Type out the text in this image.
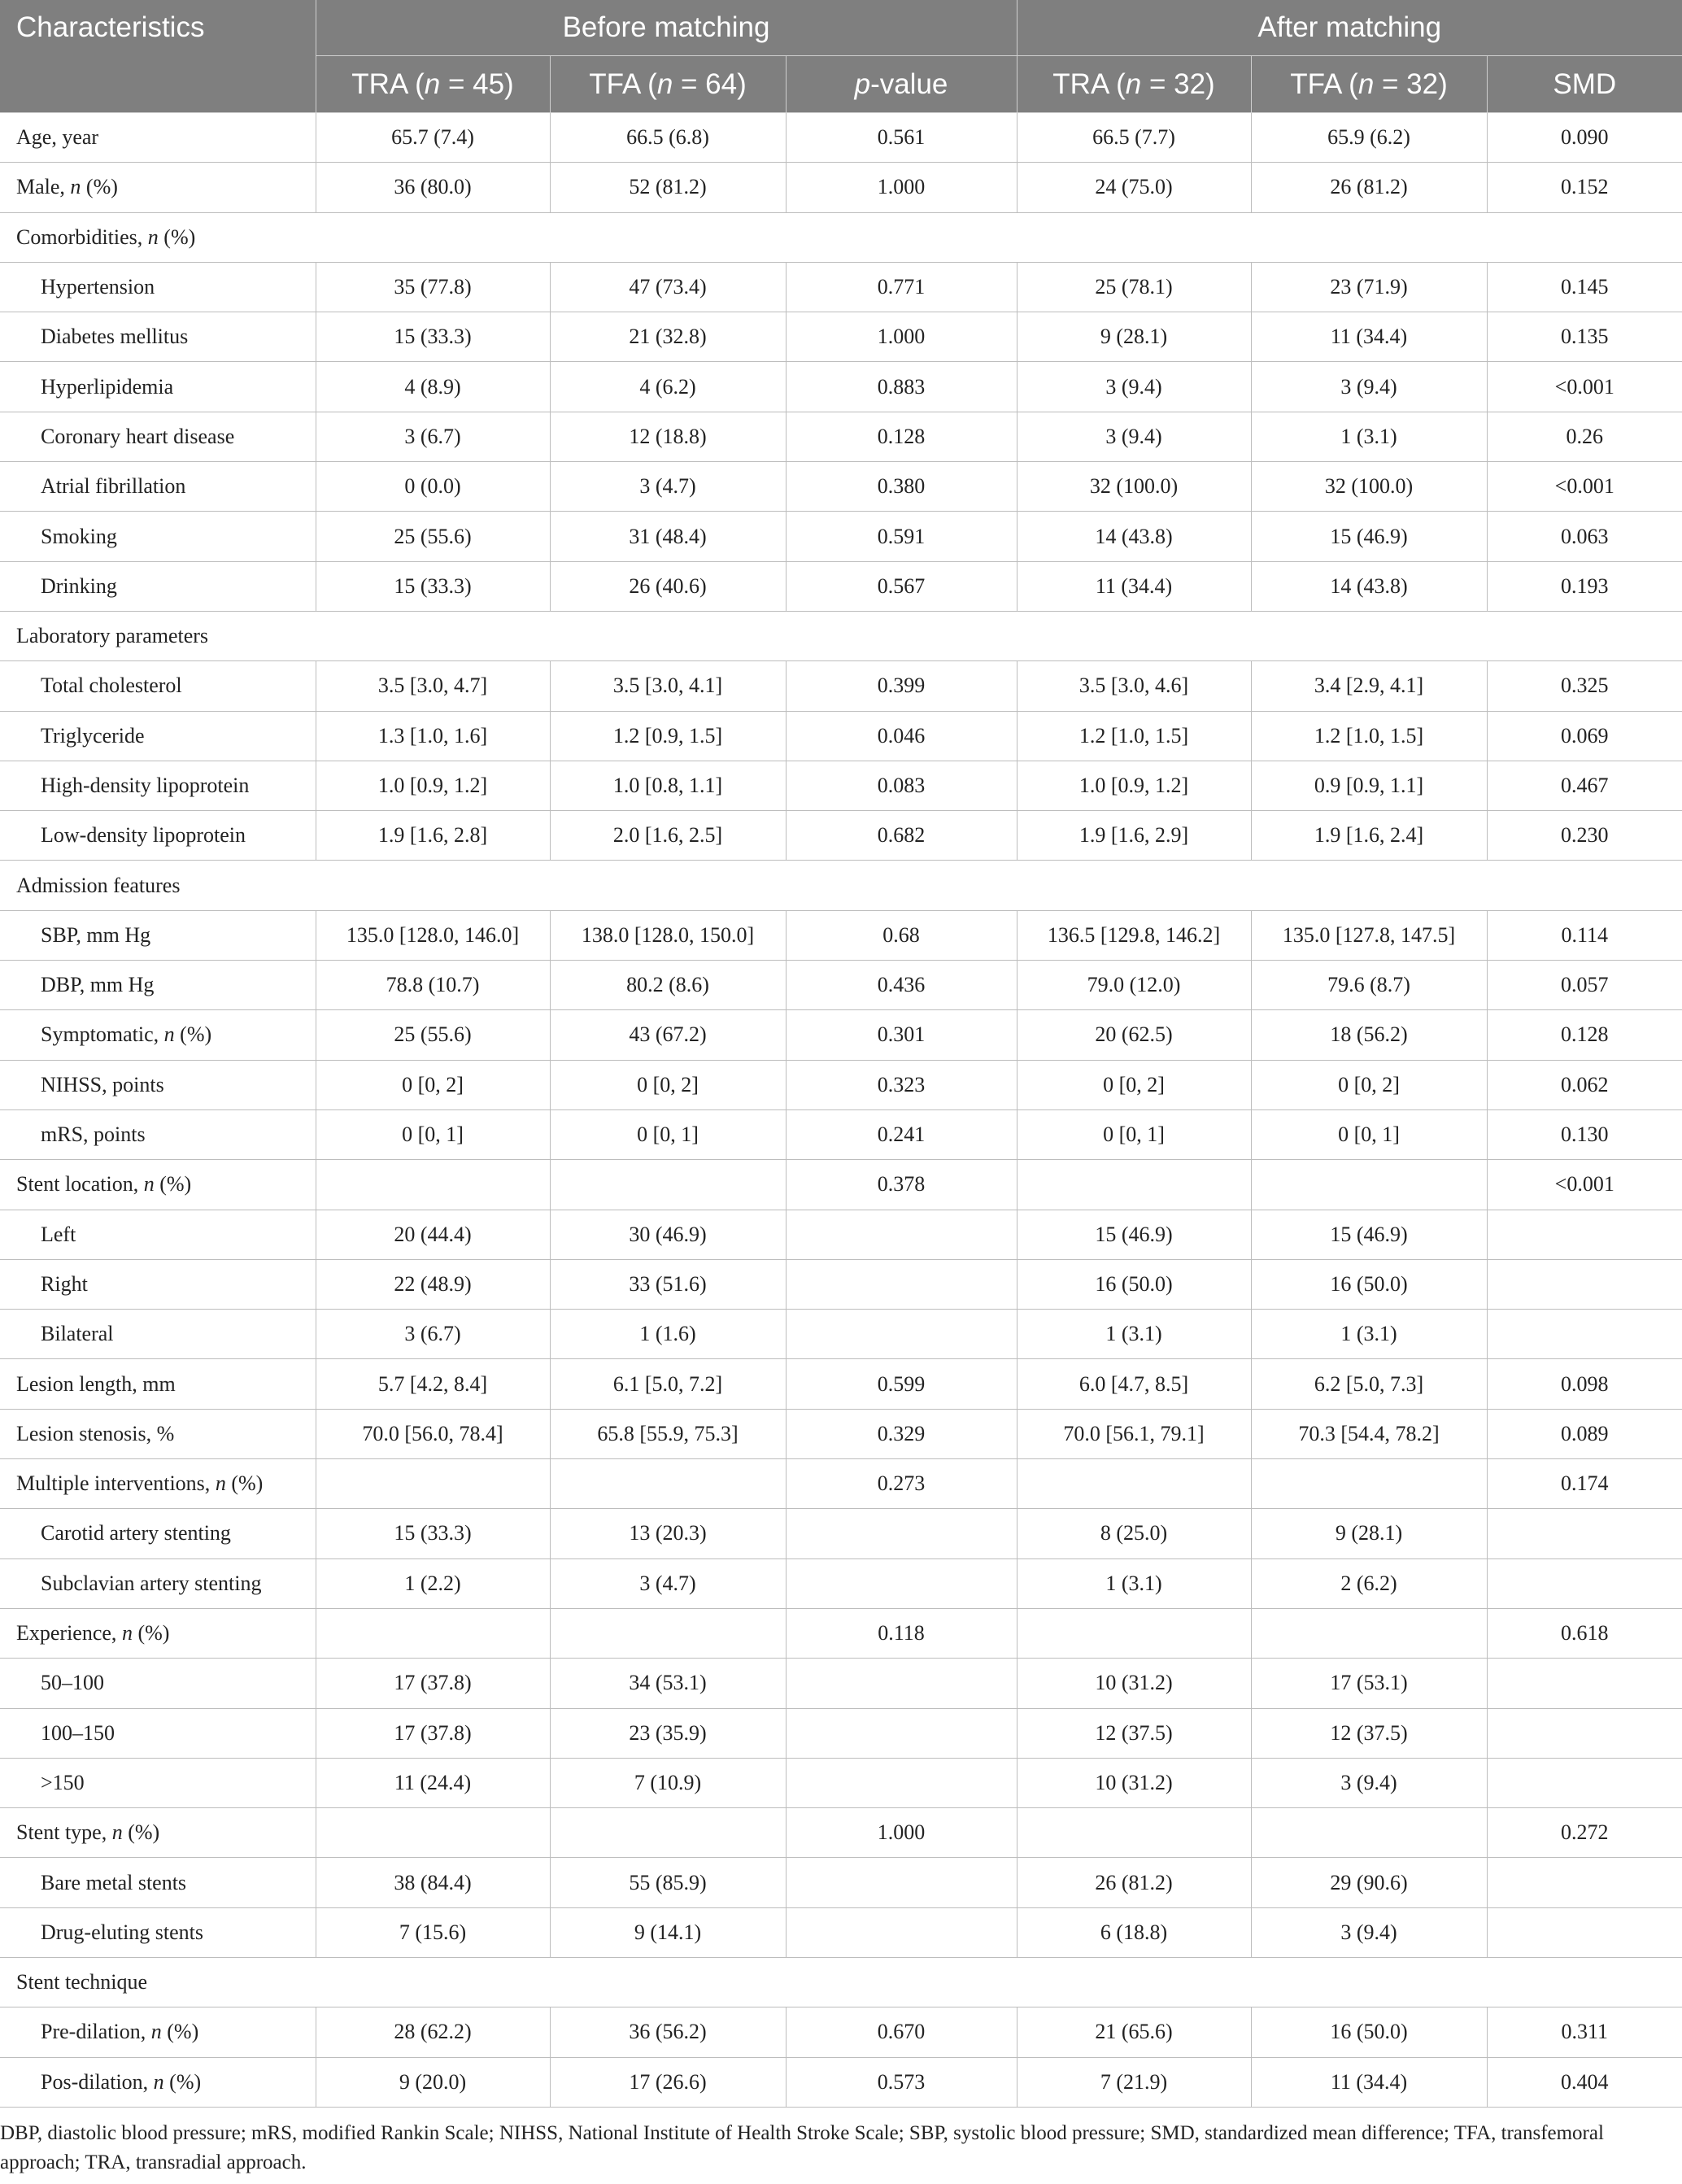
Characteristics	Before matching			After matching		
	TRA (n = 45)	TFA (n = 64)	p-value	TRA (n = 32)	TFA (n = 32)	SMD
Age, year	65.7 (7.4)	66.5 (6.8)	0.561	66.5 (7.7)	65.9 (6.2)	0.090
Male, n (%)	36 (80.0)	52 (81.2)	1.000	24 (75.0)	26 (81.2)	0.152
Comorbidities, n (%)						
Hypertension	35 (77.8)	47 (73.4)	0.771	25 (78.1)	23 (71.9)	0.145
Diabetes mellitus	15 (33.3)	21 (32.8)	1.000	9 (28.1)	11 (34.4)	0.135
Hyperlipidemia	4 (8.9)	4 (6.2)	0.883	3 (9.4)	3 (9.4)	<0.001
Coronary heart disease	3 (6.7)	12 (18.8)	0.128	3 (9.4)	1 (3.1)	0.26
Atrial fibrillation	0 (0.0)	3 (4.7)	0.380	32 (100.0)	32 (100.0)	<0.001
Smoking	25 (55.6)	31 (48.4)	0.591	14 (43.8)	15 (46.9)	0.063
Drinking	15 (33.3)	26 (40.6)	0.567	11 (34.4)	14 (43.8)	0.193
Laboratory parameters						
Total cholesterol	3.5 [3.0, 4.7]	3.5 [3.0, 4.1]	0.399	3.5 [3.0, 4.6]	3.4 [2.9, 4.1]	0.325
Triglyceride	1.3 [1.0, 1.6]	1.2 [0.9, 1.5]	0.046	1.2 [1.0, 1.5]	1.2 [1.0, 1.5]	0.069
High-density lipoprotein	1.0 [0.9, 1.2]	1.0 [0.8, 1.1]	0.083	1.0 [0.9, 1.2]	0.9 [0.9, 1.1]	0.467
Low-density lipoprotein	1.9 [1.6, 2.8]	2.0 [1.6, 2.5]	0.682	1.9 [1.6, 2.9]	1.9 [1.6, 2.4]	0.230
Admission features						
SBP, mm Hg	135.0 [128.0, 146.0]	138.0 [128.0, 150.0]	0.68	136.5 [129.8, 146.2]	135.0 [127.8, 147.5]	0.114
DBP, mm Hg	78.8 (10.7)	80.2 (8.6)	0.436	79.0 (12.0)	79.6 (8.7)	0.057
Symptomatic, n (%)	25 (55.6)	43 (67.2)	0.301	20 (62.5)	18 (56.2)	0.128
NIHSS, points	0 [0, 2]	0 [0, 2]	0.323	0 [0, 2]	0 [0, 2]	0.062
mRS, points	0 [0, 1]	0 [0, 1]	0.241	0 [0, 1]	0 [0, 1]	0.130
Stent location, n (%)			0.378			<0.001
Left	20 (44.4)	30 (46.9)		15 (46.9)	15 (46.9)	
Right	22 (48.9)	33 (51.6)		16 (50.0)	16 (50.0)	
Bilateral	3 (6.7)	1 (1.6)		1 (3.1)	1 (3.1)	
Lesion length, mm	5.7 [4.2, 8.4]	6.1 [5.0, 7.2]	0.599	6.0 [4.7, 8.5]	6.2 [5.0, 7.3]	0.098
Lesion stenosis, %	70.0 [56.0, 78.4]	65.8 [55.9, 75.3]	0.329	70.0 [56.1, 79.1]	70.3 [54.4, 78.2]	0.089
Multiple interventions, n (%)			0.273			0.174
Carotid artery stenting	15 (33.3)	13 (20.3)		8 (25.0)	9 (28.1)	
Subclavian artery stenting	1 (2.2)	3 (4.7)		1 (3.1)	2 (6.2)	
Experience, n (%)			0.118			0.618
50–100	17 (37.8)	34 (53.1)		10 (31.2)	17 (53.1)	
100–150	17 (37.8)	23 (35.9)		12 (37.5)	12 (37.5)	
>150	11 (24.4)	7 (10.9)		10 (31.2)	3 (9.4)	
Stent type, n (%)			1.000			0.272
Bare metal stents	38 (84.4)	55 (85.9)		26 (81.2)	29 (90.6)	
Drug-eluting stents	7 (15.6)	9 (14.1)		6 (18.8)	3 (9.4)	
Stent technique						
Pre-dilation, n (%)	28 (62.2)	36 (56.2)	0.670	21 (65.6)	16 (50.0)	0.311
Pos-dilation, n (%)	9 (20.0)	17 (26.6)	0.573	7 (21.9)	11 (34.4)	0.404
DBP, diastolic blood pressure; mRS, modified Rankin Scale; NIHSS, National Institute of Health Stroke Scale; SBP, systolic blood pressure; SMD, standardized mean difference; TFA, transfemoral approach; TRA, transradial approach.
